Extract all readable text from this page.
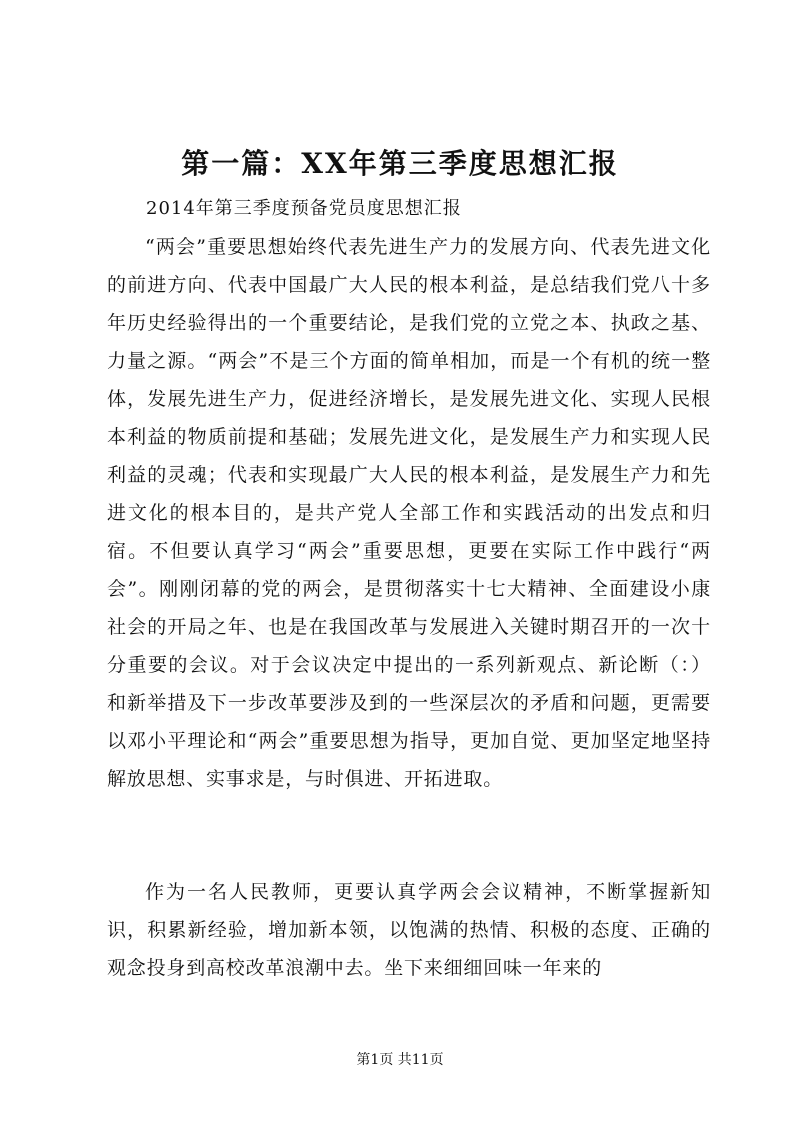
第一篇：XX年第三季度思想汇报
2014年第三季度预备党员度思想汇报

“两会”重要思想始终代表先进生产力的发展方向、代表先进文化的前进方向、代表中国最广大人民的根本利益，是总结我们党八十多年历史经验得出的一个重要结论，是我们党的立党之本、执政之基、力量之源。“两会”不是三个方面的简单相加，而是一个有机的统一整体，发展先进生产力，促进经济增长，是发展先进文化、实现人民根本利益的物质前提和基础；发展先进文化，是发展生产力和实现人民利益的灵魂；代表和实现最广大人民的根本利益，是发展生产力和先进文化的根本目的，是共产党人全部工作和实践活动的出发点和归宿。不但要认真学习“两会”重要思想，更要在实际工作中践行“两会”。刚刚闭幕的党的两会，是贯彻落实十七大精神、全面建设小康社会的开局之年、也是在我国改革与发展进入关键时期召开的一次十分重要的会议。对于会议决定中提出的一系列新观点、新论断（：）和新举措及下一步改革要涉及到的一些深层次的矛盾和问题，更需要以邓小平理论和“两会”重要思想为指导，更加自觉、更加坚定地坚持解放思想、实事求是，与时俱进、开拓进取。

作为一名人民教师，更要认真学两会会议精神，不断掌握新知识，积累新经验，增加新本领，以饱满的热情、积极的态度、正确的观念投身到高校改革浪潮中去。坐下来细细回味一年来的

第1页 共11页
